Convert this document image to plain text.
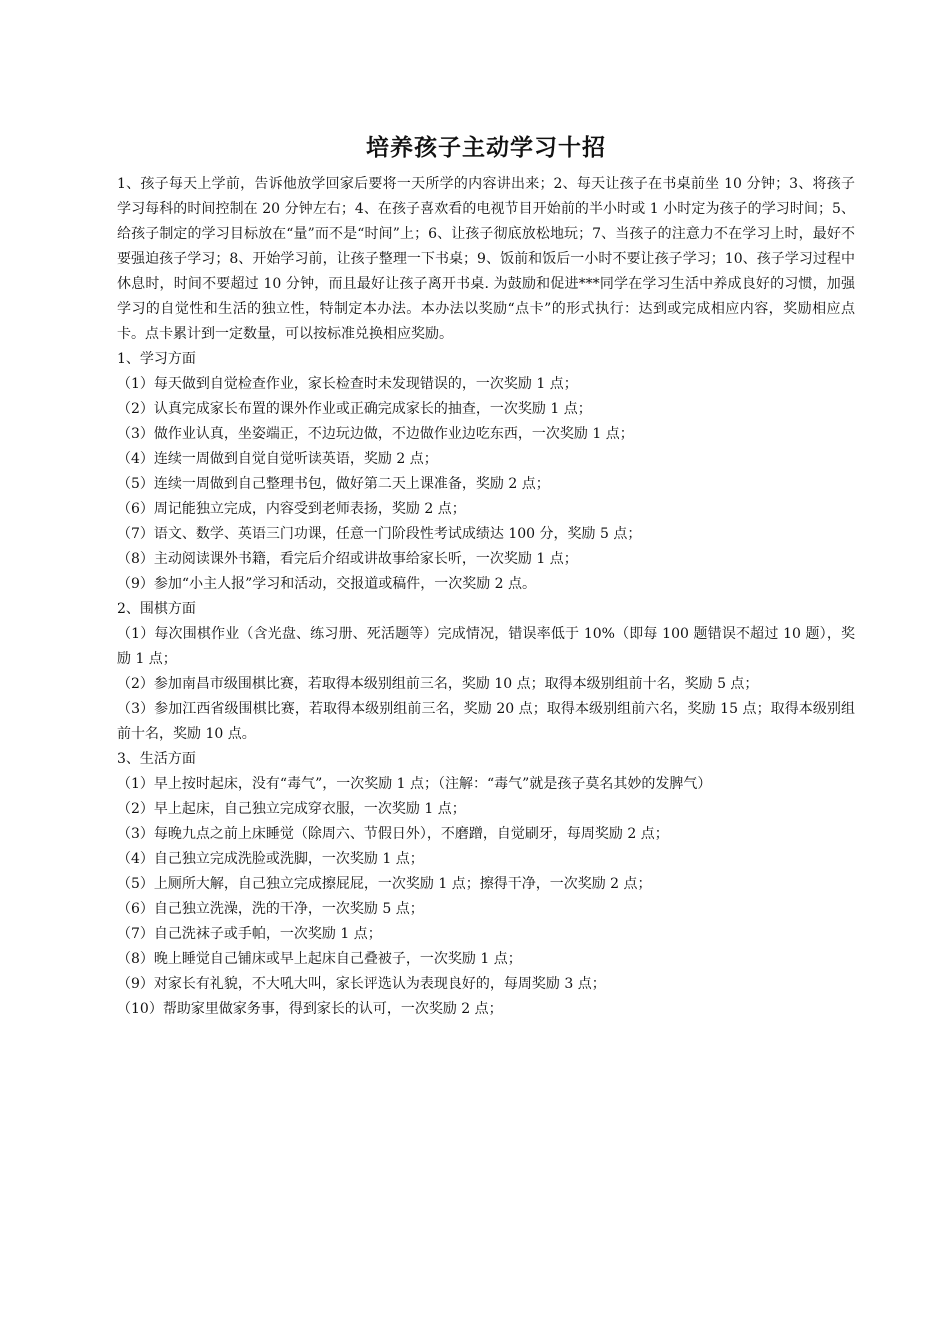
培养孩子主动学习十招

1、孩子每天上学前，告诉他放学回家后要将一天所学的内容讲出来；2、每天让孩子在书桌前坐 10 分钟；3、将孩子学习每科的时间控制在 20 分钟左右；4、在孩子喜欢看的电视节目开始前的半小时或 1 小时定为孩子的学习时间；5、给孩子制定的学习目标放在“量”而不是“时间”上；6、让孩子彻底放松地玩；7、当孩子的注意力不在学习上时，最好不要强迫孩子学习；8、开始学习前，让孩子整理一下书桌；9、饭前和饭后一小时不要让孩子学习；10、孩子学习过程中休息时，时间不要超过 10 分钟，而且最好让孩子离开书桌. 为鼓励和促进***同学在学习生活中养成良好的习惯，加强学习的自觉性和生活的独立性，特制定本办法。本办法以奖励“点卡”的形式执行：达到或完成相应内容，奖励相应点卡。点卡累计到一定数量，可以按标准兑换相应奖励。

1、学习方面

（1）每天做到自觉检查作业，家长检查时未发现错误的，一次奖励 1 点；

（2）认真完成家长布置的课外作业或正确完成家长的抽查，一次奖励 1 点；

（3）做作业认真，坐姿端正，不边玩边做，不边做作业边吃东西，一次奖励 1 点；

（4）连续一周做到自觉自觉听读英语，奖励 2 点；

（5）连续一周做到自己整理书包，做好第二天上课准备，奖励 2 点；

（6）周记能独立完成，内容受到老师表扬，奖励 2 点；

（7）语文、数学、英语三门功课，任意一门阶段性考试成绩达 100 分，奖励 5 点；

（8）主动阅读课外书籍，看完后介绍或讲故事给家长听，一次奖励 1 点；

（9）参加“小主人报”学习和活动，交报道或稿件，一次奖励 2 点。

2、围棋方面

（1）每次围棋作业（含光盘、练习册、死活题等）完成情况，错误率低于 10%（即每 100 题错误不超过 10 题），奖励 1 点；

（2）参加南昌市级围棋比赛，若取得本级别组前三名，奖励 10 点；取得本级别组前十名，奖励 5 点；

（3）参加江西省级围棋比赛，若取得本级别组前三名，奖励 20 点；取得本级别组前六名，奖励 15 点；取得本级别组前十名，奖励 10 点。

3、生活方面

（1）早上按时起床，没有“毒气”，一次奖励 1 点；（注解：“毒气”就是孩子莫名其妙的发脾气）

（2）早上起床，自己独立完成穿衣服，一次奖励 1 点；

（3）每晚九点之前上床睡觉（除周六、节假日外），不磨蹭，自觉刷牙，每周奖励 2 点；

（4）自己独立完成洗脸或洗脚，一次奖励 1 点；

（5）上厕所大解，自己独立完成擦屁屁，一次奖励 1 点；擦得干净，一次奖励 2 点；

（6）自己独立洗澡，洗的干净，一次奖励 5 点；

（7）自己洗袜子或手帕，一次奖励 1 点；

（8）晚上睡觉自己铺床或早上起床自己叠被子，一次奖励 1 点；

（9）对家长有礼貌，不大吼大叫，家长评选认为表现良好的，每周奖励 3 点；

（10）帮助家里做家务事，得到家长的认可，一次奖励 2 点；
